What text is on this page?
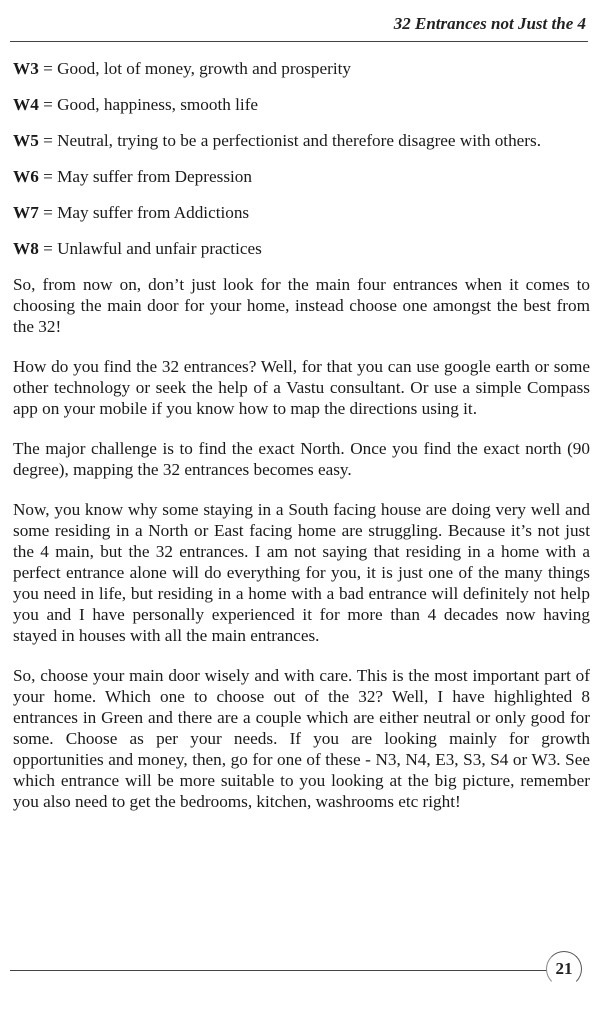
32 Entrances not Just the 4

W3 = Good, lot of money, growth and prosperity

W4 = Good, happiness, smooth life

W5 = Neutral, trying to be a perfectionist and therefore disagree with others.

W6 = May suffer from Depression

W7 = May suffer from Addictions

W8 = Unlawful and unfair practices

So, from now on, don’t just look for the main four entrances when it comes to choosing the main door for your home, instead choose one amongst the best from the 32!

How do you find the 32 entrances? Well, for that you can use google earth or some other technology or seek the help of a Vastu consultant. Or use a simple Compass app on your mobile if you know how to map the directions using it.

The major challenge is to find the exact North. Once you find the exact north (90 degree), mapping the 32 entrances becomes easy.

Now, you know why some staying in a South facing house are doing very well and some residing in a North or East facing home are struggling. Because it’s not just the 4 main, but the 32 entrances. I am not saying that residing in a home with a perfect entrance alone will do everything for you, it is just one of the many things you need in life, but residing in a home with a bad entrance will definitely not help you and I have personally experienced it for more than 4 decades now having stayed in houses with all the main entrances.

So, choose your main door wisely and with care. This is the most important part of your home. Which one to choose out of the 32? Well, I have highlighted 8 entrances in Green and there are a couple which are either neutral or only good for some. Choose as per your needs. If you are looking mainly for growth opportunities and money, then, go for one of these - N3, N4, E3, S3, S4 or W3. See which entrance will be more suitable to you looking at the big picture, remember you also need to get the bedrooms, kitchen, washrooms etc right!

21
